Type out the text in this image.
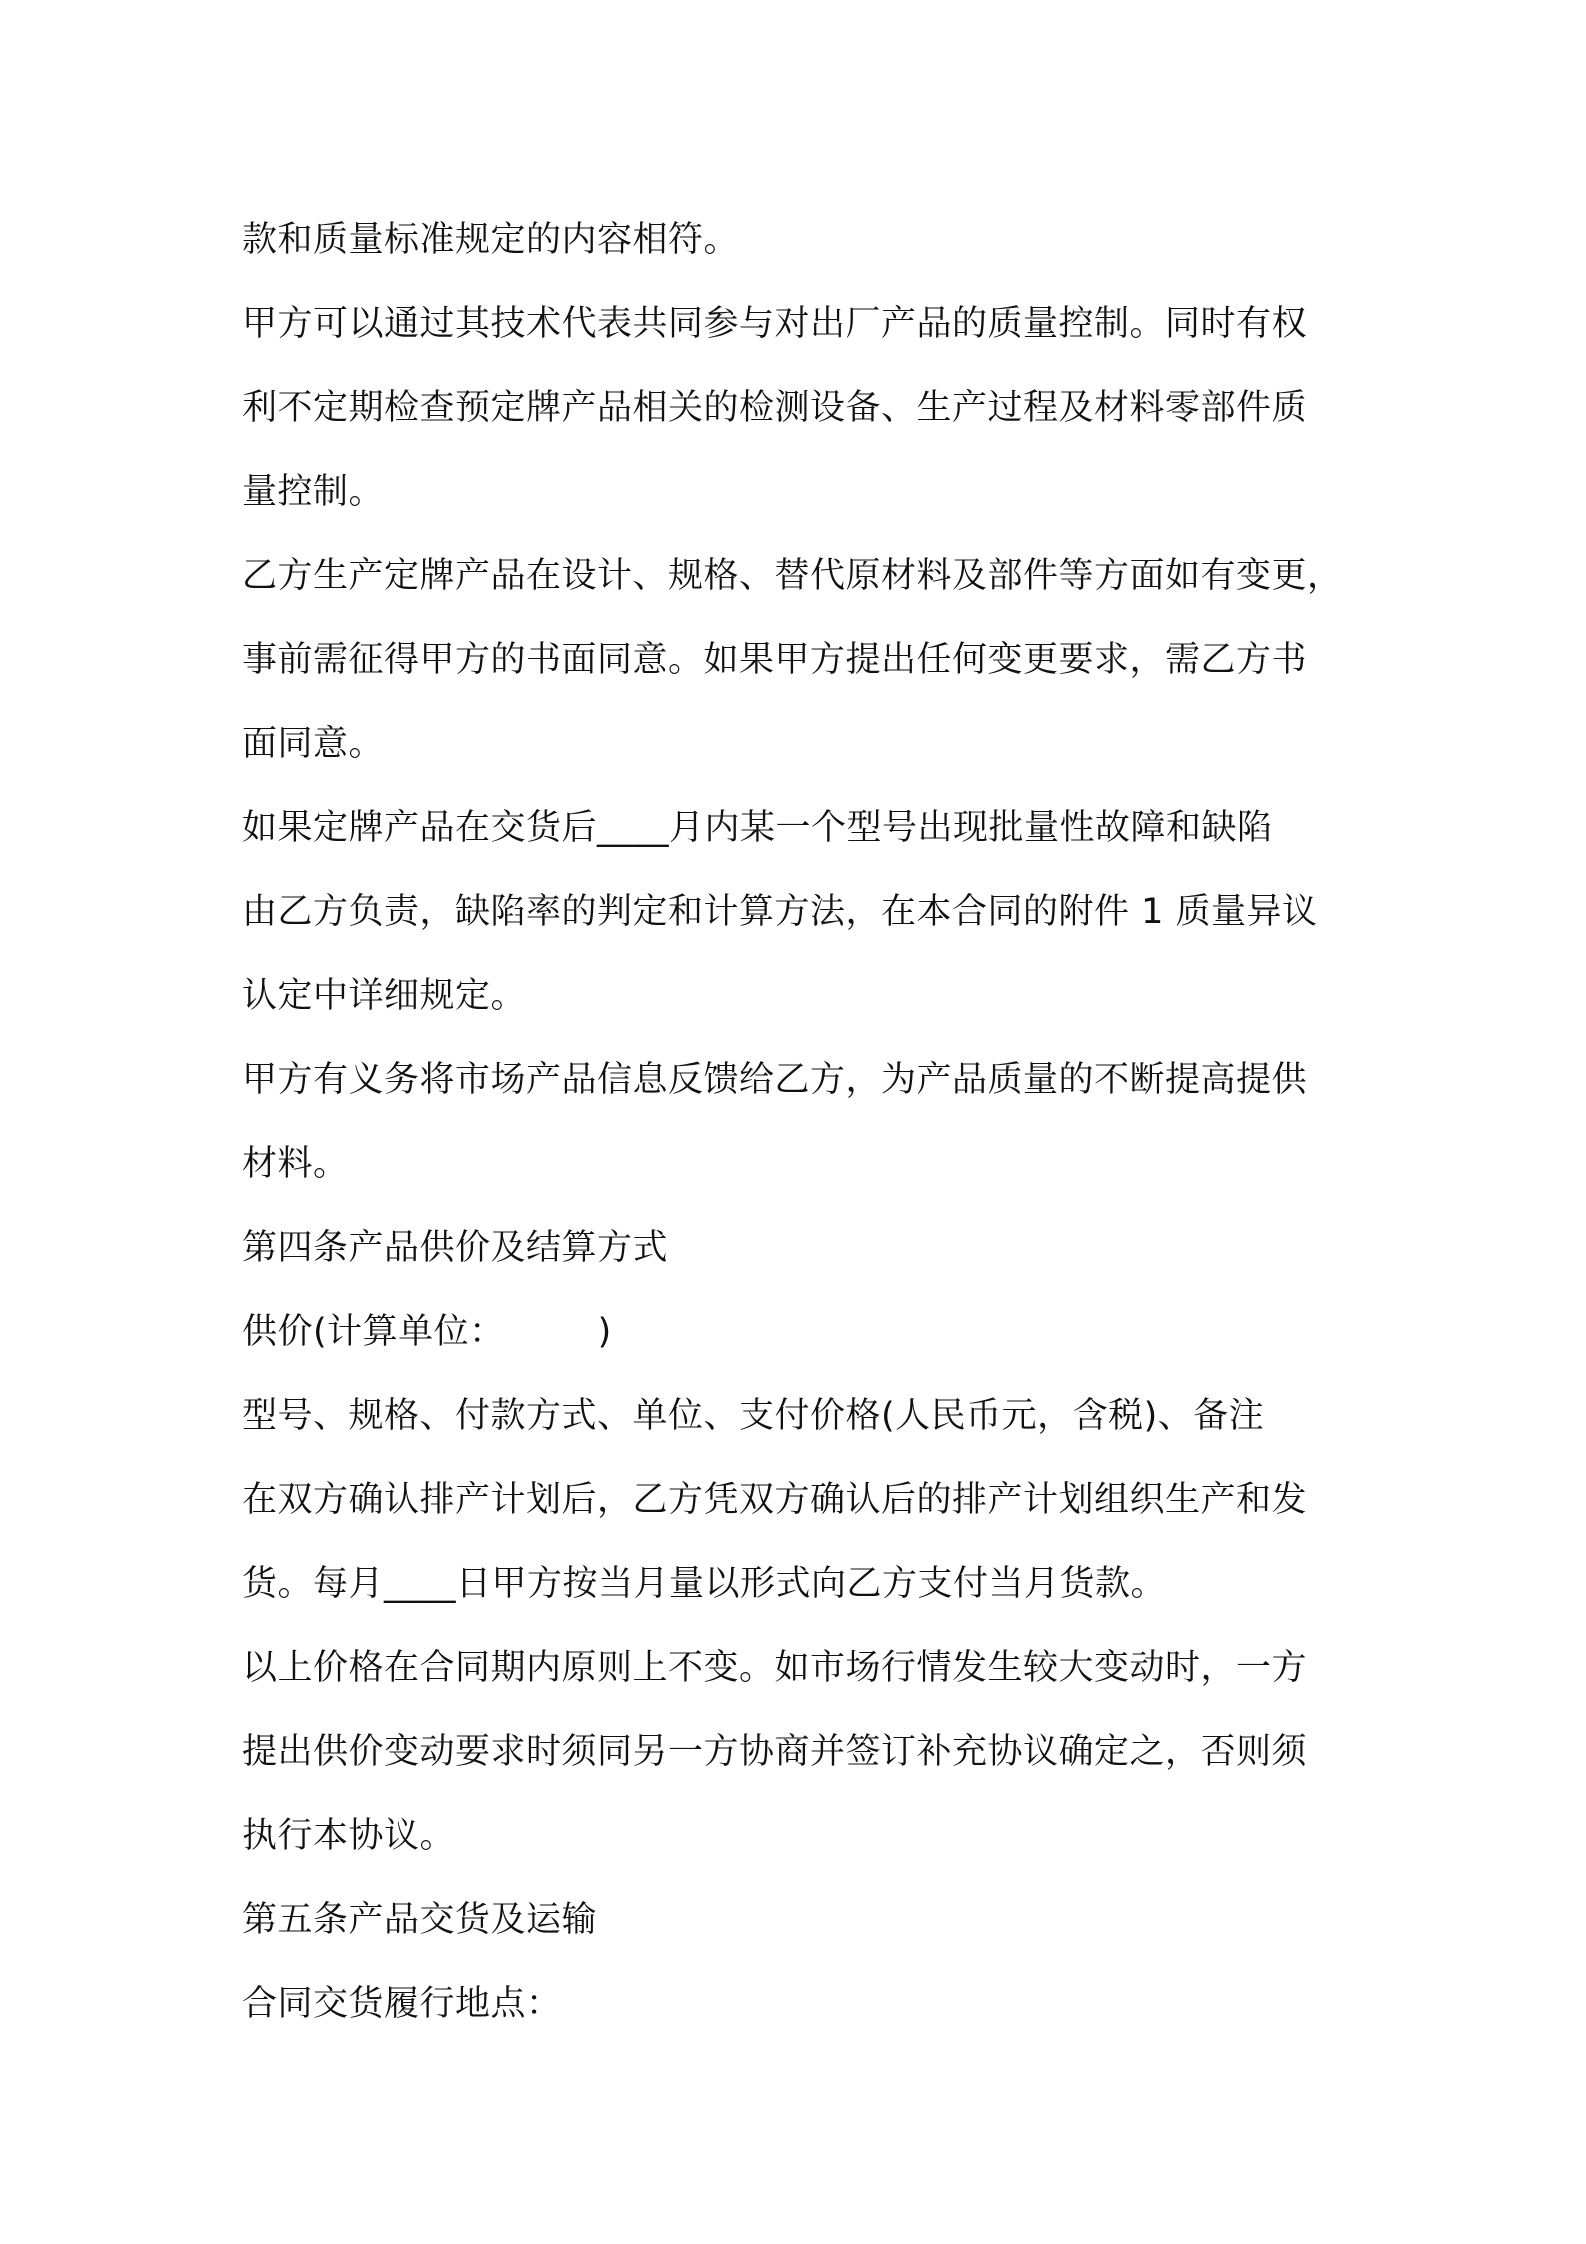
款和质量标准规定的内容相符。
甲方可以通过其技术代表共同参与对出厂产品的质量控制。同时有权
利不定期检查预定牌产品相关的检测设备、生产过程及材料零部件质
量控制。
乙方生产定牌产品在设计、规格、替代原材料及部件等方面如有变更，
事前需征得甲方的书面同意。如果甲方提出任何变更要求，需乙方书
面同意。
如果定牌产品在交货后____月内某一个型号出现批量性故障和缺陷
由乙方负责，缺陷率的判定和计算方法，在本合同的附件 1 质量异议
认定中详细规定。
甲方有义务将市场产品信息反馈给乙方，为产品质量的不断提高提供
材料。
第四条产品供价及结算方式
供价(计算单位：        )
型号、规格、付款方式、单位、支付价格(人民币元，含税)、备注
在双方确认排产计划后，乙方凭双方确认后的排产计划组织生产和发
货。每月____日甲方按当月量以形式向乙方支付当月货款。
以上价格在合同期内原则上不变。如市场行情发生较大变动时，一方
提出供价变动要求时须同另一方协商并签订补充协议确定之，否则须
执行本协议。
第五条产品交货及运输
合同交货履行地点：
